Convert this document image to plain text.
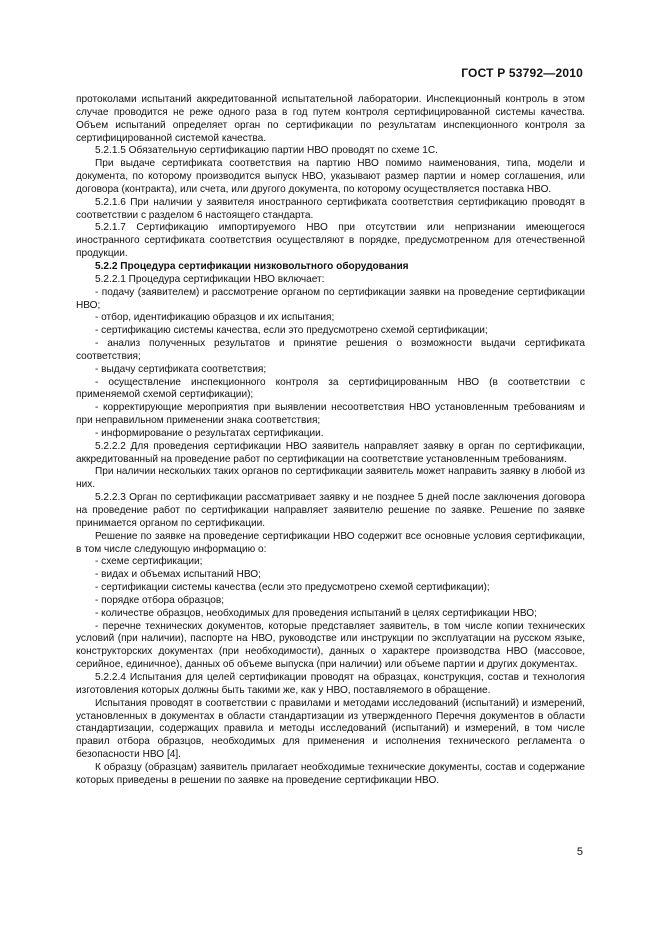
ГОСТ Р 53792—2010

протоколами испытаний аккредитованной испытательной лаборатории. Инспекционный контроль в этом случае проводится не реже одного раза в год путем контроля сертифицированной системы качества. Объем испытаний определяет орган по сертификации по результатам инспекционного контроля за сертифицированной системой качества.

5.2.1.5 Обязательную сертификацию партии НВО проводят по схеме 1С.

При выдаче сертификата соответствия на партию НВО помимо наименования, типа, модели и документа, по которому производится выпуск НВО, указывают размер партии и номер соглашения, или договора (контракта), или счета, или другого документа, по которому осуществляется поставка НВО.

5.2.1.6 При наличии у заявителя иностранного сертификата соответствия сертификацию проводят в соответствии с разделом 6 настоящего стандарта.

5.2.1.7 Сертификацию импортируемого НВО при отсутствии или непризнании имеющегося иностранного сертификата соответствия осуществляют в порядке, предусмотренном для отечественной продукции.

5.2.2 Процедура сертификации низковольтного оборудования

5.2.2.1 Процедура сертификации НВО включает:

- подачу (заявителем) и рассмотрение органом по сертификации заявки на проведение сертификации НВО;

- отбор, идентификацию образцов и их испытания;

- сертификацию системы качества, если это предусмотрено схемой сертификации;

- анализ полученных результатов и принятие решения о возможности выдачи сертификата соответствия;

- выдачу сертификата соответствия;

- осуществление инспекционного контроля за сертифицированным НВО (в соответствии с применяемой схемой сертификации);

- корректирующие мероприятия при выявлении несоответствия НВО установленным требованиям и при неправильном применении знака соответствия;

- информирование о результатах сертификации.

5.2.2.2 Для проведения сертификации НВО заявитель направляет заявку в орган по сертификации, аккредитованный на проведение работ по сертификации на соответствие установленным требованиям.

При наличии нескольких таких органов по сертификации заявитель может направить заявку в любой из них.

5.2.2.3 Орган по сертификации рассматривает заявку и не позднее 5 дней после заключения договора на проведение работ по сертификации направляет заявителю решение по заявке. Решение по заявке принимается органом по сертификации.

Решение по заявке на проведение сертификации НВО содержит все основные условия сертификации, в том числе следующую информацию о:

- схеме сертификации;

- видах и объемах испытаний НВО;

- сертификации системы качества (если это предусмотрено схемой сертификации);

- порядке отбора образцов;

- количестве образцов, необходимых для проведения испытаний в целях сертификации НВО;

- перечне технических документов, которые представляет заявитель, в том числе копии технических условий (при наличии), паспорте на НВО, руководстве или инструкции по эксплуатации на русском языке, конструкторских документах (при необходимости), данных о характере производства НВО (массовое, серийное, единичное), данных об объеме выпуска (при наличии) или объеме партии и других документах.

5.2.2.4 Испытания для целей сертификации проводят на образцах, конструкция, состав и технология изготовления которых должны быть такими же, как у НВО, поставляемого в обращение.

Испытания проводят в соответствии с правилами и методами исследований (испытаний) и измерений, установленных в документах в области стандартизации из утвержденного Перечня документов в области стандартизации, содержащих правила и методы исследований (испытаний) и измерений, в том числе правил отбора образцов, необходимых для применения и исполнения технического регламента о безопасности НВО [4].

К образцу (образцам) заявитель прилагает необходимые технические документы, состав и содержание которых приведены в решении по заявке на проведение сертификации НВО.

5
